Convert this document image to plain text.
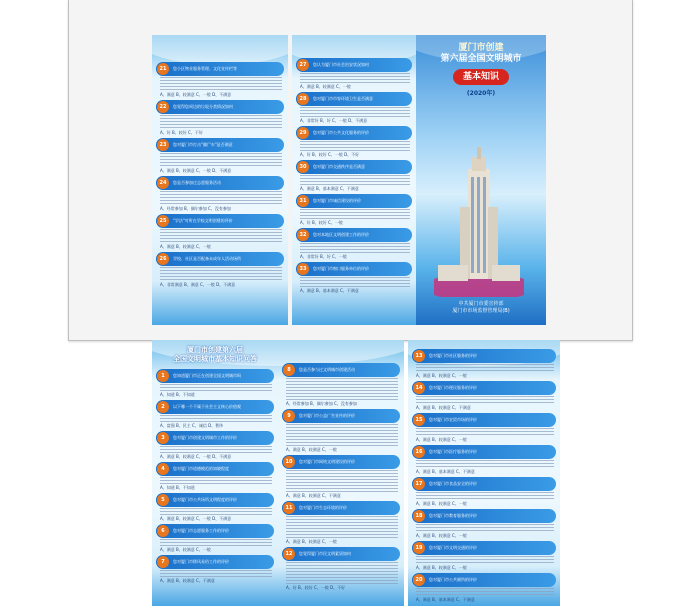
21	您小区物业服务管理、文化宣传栏等
A、满意 B、较满意 C、一般 D、不满意
22	您觉得您周边的垃圾分类情况如何
A、好 B、较好 C、不好
23	您对厦门市打击"僵尸车"是否满意
A、满意 B、较满意 C、一般 D、不满意
24	您是否参加过志愿服务活动
A、经常参加 B、偶尔参加 C、没有参加
25	"学法"对所在学校文明创建的评价
A、满意 B、较满意 C、一般
26	学校、社区是否配备未成年人活动场所
A、非常满意 B、满意 C、一般 D、不满意
27	您认为厦门市社会治安状况如何
A、满意 B、较满意 C、一般
28	您对厦门市市容环境卫生是否满意
A、非常好 B、好 C、一般 D、不满意
29	您对厦门市公共文化服务的评价
A、好 B、较好 C、一般 D、不好
30	您对厦门市交通秩序是否满意
A、满意 B、基本满意 C、不满意
31	您对厦门市诚信建设的评价
A、好 B、较好 C、一般
32	您对本地区文明创建工作的评价
A、非常好 B、好 C、一般
33	您对厦门市窗口服务单位的评价
A、满意 B、基本满意 C、不满意
厦门市创建
第六届全国文明城市
基本知识
(2020年)
中共厦门市委宣传部
厦门市市场监督管理局(B)
厦门市创建第六届
全国文明城市基本知识问答
1	您知道厦门市正在创建全国文明城市吗
A、知道 B、不知道
2	以下哪一个不属于社会主义核心价值观
A、富强 B、民主 C、诚信 D、奢侈
3	您对厦门市创建文明城市工作的评价
A、满意 B、较满意 C、一般 D、不满意
4	您对厦门市道德模范的知晓程度
A、知道 B、不知道
5	您对厦门市公共场所文明程度的评价
A、满意 B、较满意 C、一般 D、不满意
6	您对厦门市志愿服务工作的评价
A、满意 B、较满意 C、一般
7	您对厦门市移风易俗工作的评价
A、满意 B、较满意 C、不满意
8	您是否参与过文明城市创建活动
A、经常参加 B、偶尔参加 C、没有参加
9	您对厦门市公益广告宣传的评价
A、满意 B、较满意 C、一般
10	您对厦门市网络文明建设的评价
A、满意 B、较满意 C、不满意
11	您对厦门市生态环境的评价
A、满意 B、较满意 C、一般
12	您觉得厦门市民文明素质如何
A、好 B、较好 C、一般 D、不好
13	您对厦门市社区服务的评价
A、满意 B、较满意 C、一般
14	您对厦门市便民服务的评价
A、满意 B、较满意 C、不满意
15	您对厦门市农贸市场的评价
A、满意 B、较满意 C、一般
16	您对厦门市医疗服务的评价
A、满意 B、基本满意 C、不满意
17	您对厦门市食品安全的评价
A、满意 B、较满意 C、一般
18	您对厦门市教育服务的评价
A、满意 B、较满意 C、一般
19	您对厦门市文明交通的评价
A、满意 B、较满意 C、一般
20	您对厦门市公共厕所的评价
A、满意 B、基本满意 C、不满意
